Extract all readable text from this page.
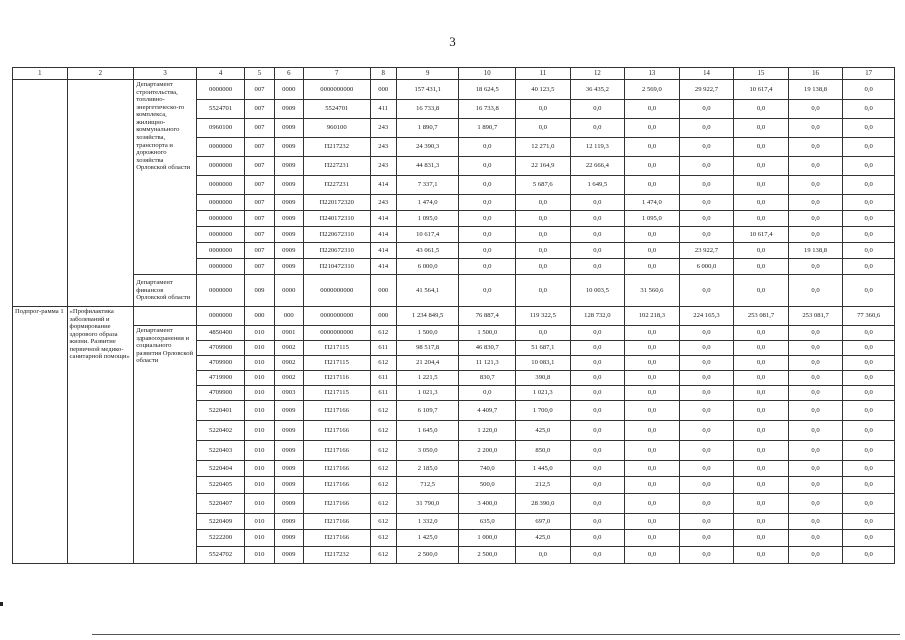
3
1	2	3	4	5	6	7	8	9	10	11	12	13	14	15	16	17
		Департамент строительства, топливно-энергетическо-го комплекса, жилищно-коммунального хозяйства, транспорта и дорожного хозяйства Орловской области	0000000	007	0000	0000000000	000	157 431,1	18 624,5	40 123,5	36 435,2	2 569,0	29 922,7	10 617,4	19 138,8	0,0
			5524701	007	0909	5524701	411	16 733,8	16 733,8	0,0	0,0	0,0	0,0	0,0	0,0	0,0
			0960100	007	0909	960100	243	1 890,7	1 890,7	0,0	0,0	0,0	0,0	0,0	0,0	0,0
			0000000	007	0909	П217232	243	24 390,3	0,0	12 271,0	12 119,3	0,0	0,0	0,0	0,0	0,0
			0000000	007	0909	П227231	243	44 831,3	0,0	22 164,9	22 666,4	0,0	0,0	0,0	0,0	0,0
			0000000	007	0909	П227231	414	7 337,1	0,0	5 687,6	1 649,5	0,0	0,0	0,0	0,0	0,0
			0000000	007	0909	П220172320	243	1 474,0	0,0	0,0	0,0	1 474,0	0,0	0,0	0,0	0,0
			0000000	007	0909	П240172310	414	1 095,0	0,0	0,0	0,0	1 095,0	0,0	0,0	0,0	0,0
			0000000	007	0909	П220672310	414	10 617,4	0,0	0,0	0,0	0,0	0,0	10 617,4	0,0	0,0
			0000000	007	0909	П220672310	414	43 061,5	0,0	0,0	0,0	0,0	23 922,7	0,0	19 138,8	0,0
			0000000	007	0909	П210472310	414	6 000,0	0,0	0,0	0,0	0,0	6 000,0	0,0	0,0	0,0
		Департамент финансов Орловской области	0000000	009	0000	0000000000	000	41 564,1	0,0	0,0	10 003,5	31 560,6	0,0	0,0	0,0	0,0
Подпрог-рамма 1	«Профилактика заболеваний и формирование здорового образа жизни. Развитие первичной медико-санитарной помощи»		0000000	000	000	0000000000	000	1 234 849,5	76 887,4	119 322,5	128 732,0	102 218,3	224 165,3	253 081,7	253 081,7	77 360,6
		Департамент здравоохранения и социального развития Орловской области	4850400	010	0901	0000000000	612	1 500,0	1 500,0	0,0	0,0	0,0	0,0	0,0	0,0	0,0
			4709900	010	0902	П217115	611	98 517,8	46 830,7	51 687,1	0,0	0,0	0,0	0,0	0,0	0,0
			4709900	010	0902	П217115	612	21 204,4	11 121,3	10 083,1	0,0	0,0	0,0	0,0	0,0	0,0
			4719900	010	0902	П217116	611	1 221,5	830,7	390,8	0,0	0,0	0,0	0,0	0,0	0,0
			4709900	010	0903	П217115	611	1 021,3	0,0	1 021,3	0,0	0,0	0,0	0,0	0,0	0,0
			5220401	010	0909	П217166	612	6 109,7	4 409,7	1 700,0	0,0	0,0	0,0	0,0	0,0	0,0
			5220402	010	0909	П217166	612	1 645,0	1 220,0	425,0	0,0	0,0	0,0	0,0	0,0	0,0
			5220403	010	0909	П217166	612	3 050,0	2 200,0	850,0	0,0	0,0	0,0	0,0	0,0	0,0
			5220404	010	0909	П217166	612	2 185,0	740,0	1 445,0	0,0	0,0	0,0	0,0	0,0	0,0
			5220405	010	0909	П217166	612	712,5	500,0	212,5	0,0	0,0	0,0	0,0	0,0	0,0
			5220407	010	0909	П217166	612	31 790,0	3 400,0	28 390,0	0,0	0,0	0,0	0,0	0,0	0,0
			5220409	010	0909	П217166	612	1 332,0	635,0	697,0	0,0	0,0	0,0	0,0	0,0	0,0
			5222200	010	0909	П217166	612	1 425,0	1 000,0	425,0	0,0	0,0	0,0	0,0	0,0	0,0
			5524702	010	0909	П217232	612	2 500,0	2 500,0	0,0	0,0	0,0	0,0	0,0	0,0	0,0
